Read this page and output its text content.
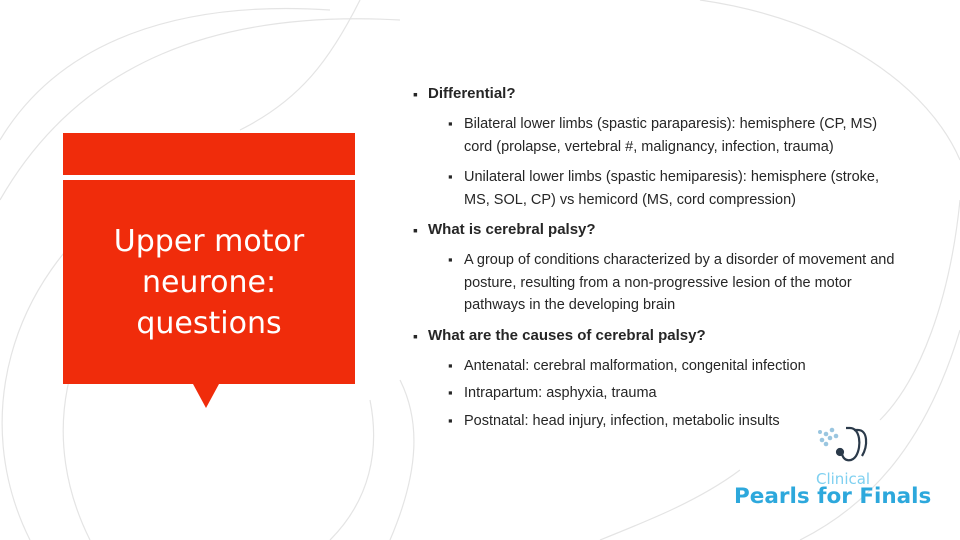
Upper motor neurone: questions

▪ Differential?

▪ Bilateral lower limbs (spastic paraparesis): hemisphere (CP, MS) cord (prolapse, vertebral #, malignancy, infection, trauma)

▪ Unilateral lower limbs (spastic hemiparesis): hemisphere (stroke, MS, SOL, CP) vs hemicord (MS, cord compression)

▪ What is cerebral palsy?

▪ A group of conditions characterized by a disorder of movement and posture, resulting from a non-progressive lesion of the motor pathways in the developing brain

▪ What are the causes of cerebral palsy?

▪ Antenatal: cerebral malformation, congenital infection

▪ Intrapartum: asphyxia, trauma

▪ Postnatal: head injury, infection, metabolic insults

Clinical
Pearls for Finals
